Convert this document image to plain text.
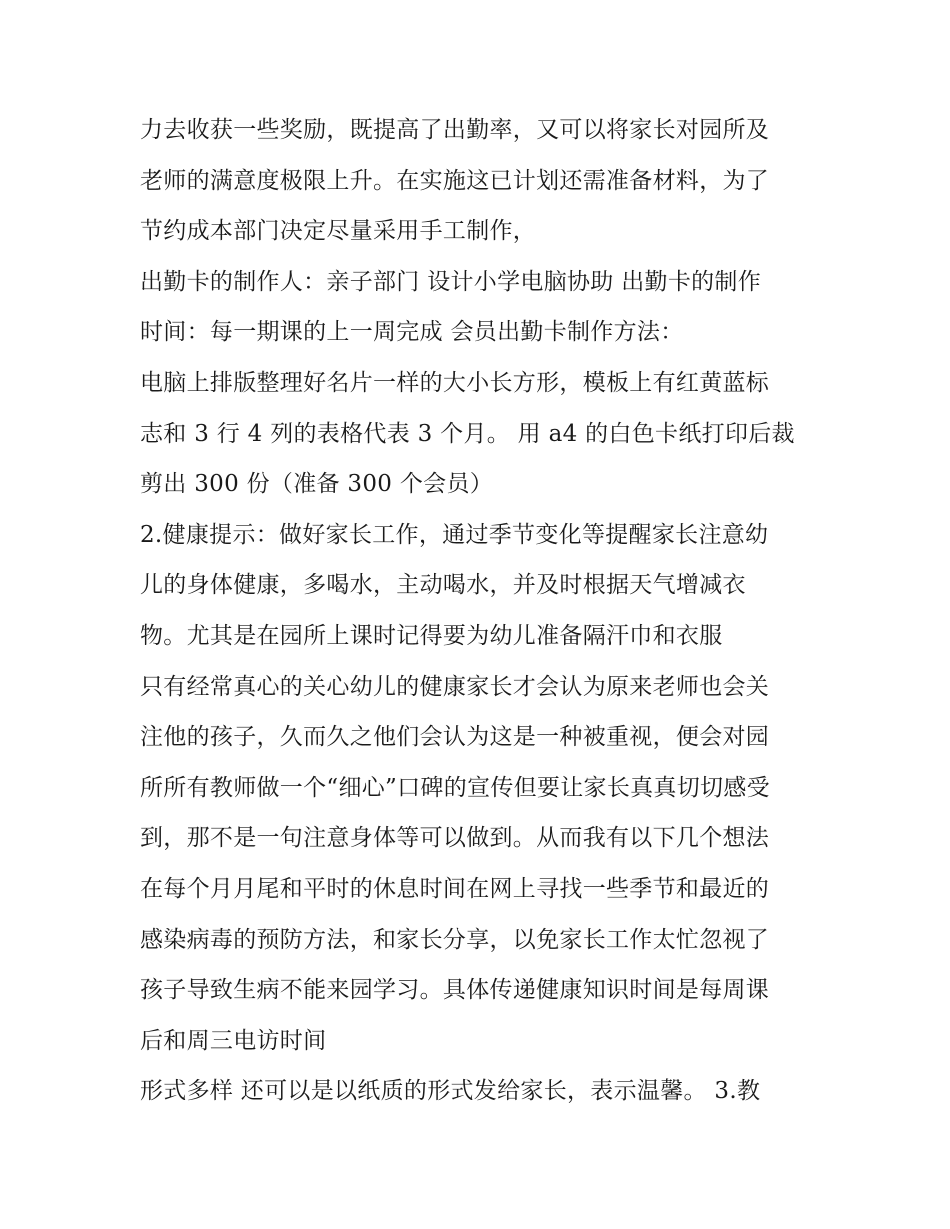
力去收获一些奖励，既提高了出勤率，又可以将家长对园所及
老师的满意度极限上升。在实施这已计划还需准备材料，为了
节约成本部门决定尽量采用手工制作，
出勤卡的制作人：亲子部门 设计小学电脑协助 出勤卡的制作
时间：每一期课的上一周完成 会员出勤卡制作方法：
电脑上排版整理好名片一样的大小长方形，模板上有红黄蓝标
志和 3 行 4 列的表格代表 3 个月。 用 a4 的白色卡纸打印后裁
剪出 300 份（准备 300 个会员）
2.健康提示：做好家长工作，通过季节变化等提醒家长注意幼
儿的身体健康，多喝水，主动喝水，并及时根据天气增减衣
物。尤其是在园所上课时记得要为幼儿准备隔汗巾和衣服
只有经常真心的关心幼儿的健康家长才会认为原来老师也会关
注他的孩子，久而久之他们会认为这是一种被重视，便会对园
所所有教师做一个“细心”口碑的宣传但要让家长真真切切感受
到，那不是一句注意身体等可以做到。从而我有以下几个想法
在每个月月尾和平时的休息时间在网上寻找一些季节和最近的
感染病毒的预防方法，和家长分享，以免家长工作太忙忽视了
孩子导致生病不能来园学习。具体传递健康知识时间是每周课
后和周三电访时间
形式多样 还可以是以纸质的形式发给家长，表示温馨。 3.教
